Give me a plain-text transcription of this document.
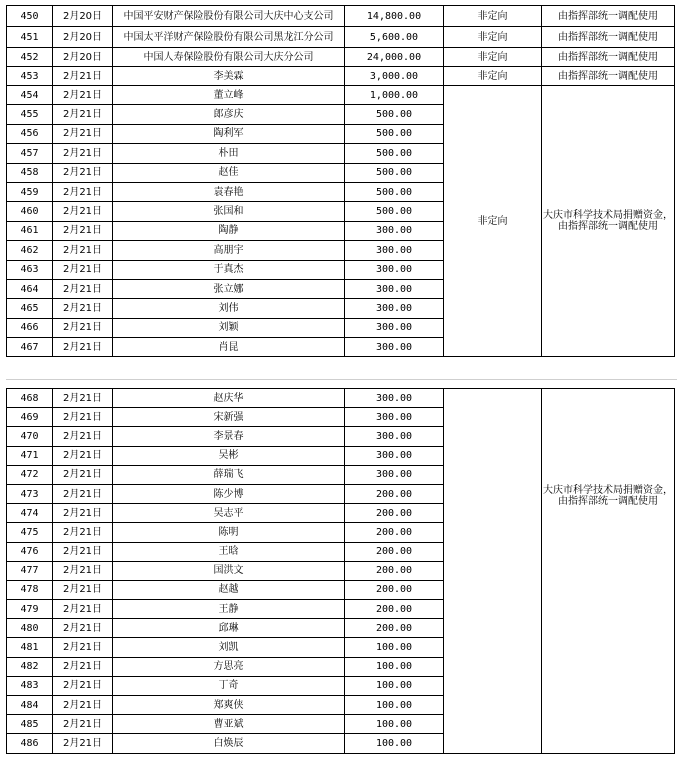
450	2月20日	中国平安财产保险股份有限公司大庆中心支公司	14,800.00	非定向	由指挥部统一调配使用
451	2月20日	中国太平洋财产保险股份有限公司黑龙江分公司	5,600.00	非定向	由指挥部统一调配使用
452	2月20日	中国人寿保险股份有限公司大庆分公司	24,000.00	非定向	由指挥部统一调配使用
453	2月21日	李美霖	3,000.00	非定向	由指挥部统一调配使用
454	2月21日	董立峰	1,000.00	非定向	大庆市科学技术局捐赠资金，由指挥部统一调配使用
455	2月21日	郎彦庆	500.00		
456	2月21日	陶利军	500.00		
457	2月21日	朴田	500.00		
458	2月21日	赵佳	500.00		
459	2月21日	袁春艳	500.00		
460	2月21日	张国和	500.00		
461	2月21日	陶静	300.00		
462	2月21日	高朋宇	300.00		
463	2月21日	于真杰	300.00		
464	2月21日	张立娜	300.00		
465	2月21日	刘伟	300.00		
466	2月21日	刘颖	300.00		
467	2月21日	肖昆	300.00		
468	2月21日	赵庆华	300.00		大庆市科学技术局捐赠资金，由指挥部统一调配使用
469	2月21日	宋新强	300.00		
470	2月21日	李景春	300.00		
471	2月21日	吴彬	300.00		
472	2月21日	薛瑞飞	300.00		
473	2月21日	陈少博	200.00		
474	2月21日	吴志平	200.00		
475	2月21日	陈明	200.00		
476	2月21日	王晗	200.00		
477	2月21日	国洪文	200.00		
478	2月21日	赵越	200.00		
479	2月21日	王静	200.00		
480	2月21日	邱琳	200.00		
481	2月21日	刘凯	100.00		
482	2月21日	方思亮	100.00		
483	2月21日	丁奇	100.00		
484	2月21日	郑爽侠	100.00		
485	2月21日	曹亚斌	100.00		
486	2月21日	白焕辰	100.00		
